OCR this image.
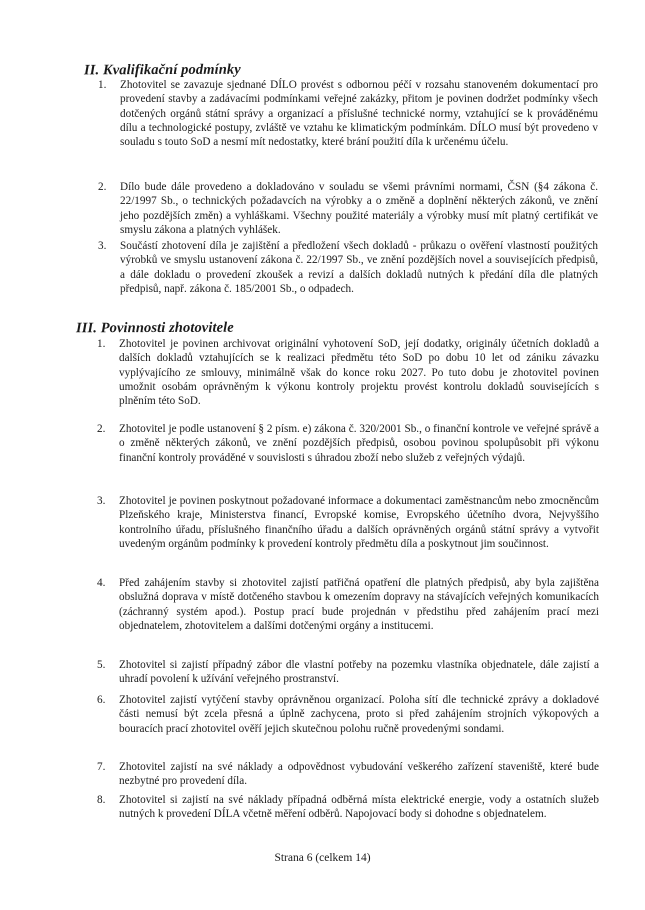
II. Kvalifikační podmínky
1. Zhotovitel se zavazuje sjednané DÍLO provést s odbornou péčí v rozsahu stanoveném dokumentací pro provedení stavby a zadávacími podmínkami veřejné zakázky, přitom je povinen dodržet podmínky všech dotčených orgánů státní správy a organizací a příslušné technické normy, vztahující se k prováděnému dílu a technologické postupy, zvláště ve vztahu ke klimatickým podmínkám. DÍLO musí být provedeno v souladu s touto SoD a nesmí mít nedostatky, které brání použití díla k určenému účelu.
2. Dílo bude dále provedeno a dokladováno v souladu se všemi právními normami, ČSN (§4 zákona č. 22/1997 Sb., o technických požadavcích na výrobky a o změně a doplnění některých zákonů, ve znění jeho pozdějších změn) a vyhláškami. Všechny použité materiály a výrobky musí mít platný certifikát ve smyslu zákona a platných vyhlášek.
3. Součástí zhotovení díla je zajištění a předložení všech dokladů - průkazu o ověření vlastností použitých výrobků ve smyslu ustanovení zákona č. 22/1997 Sb., ve znění pozdějších novel a souvisejících předpisů, a dále dokladu o provedení zkoušek a revizí a dalších dokladů nutných k předání díla dle platných předpisů, např. zákona č. 185/2001 Sb., o odpadech.
III. Povinnosti zhotovitele
1. Zhotovitel je povinen archivovat originální vyhotovení SoD, její dodatky, originály účetních dokladů a dalších dokladů vztahujících se k realizaci předmětu této SoD po dobu 10 let od zániku závazku vyplývajícího ze smlouvy, minimálně však do konce roku 2027. Po tuto dobu je zhotovitel povinen umožnit osobám oprávněným k výkonu kontroly projektu provést kontrolu dokladů souvisejících s plněním této SoD.
2. Zhotovitel je podle ustanovení § 2 písm. e) zákona č. 320/2001 Sb., o finanční kontrole ve veřejné správě a o změně některých zákonů, ve znění pozdějších předpisů, osobou povinou spolupůsobit při výkonu finanční kontroly prováděné v souvislosti s úhradou zboží nebo služeb z veřejných výdajů.
3. Zhotovitel je povinen poskytnout požadované informace a dokumentaci zaměstnancům nebo zmocněncům Plzeňského kraje, Ministerstva financí, Evropské komise, Evropského účetního dvora, Nejvyššího kontrolního úřadu, příslušného finančního úřadu a dalších oprávněných orgánů státní správy a vytvořit uvedeným orgánům podmínky k provedení kontroly předmětu díla a poskytnout jim součinnost.
4. Před zahájením stavby si zhotovitel zajistí patřičná opatření dle platných předpisů, aby byla zajištěna obslužná doprava v místě dotčeného stavbou k omezením dopravy na stávajících veřejných komunikacích (záchranný systém apod.). Postup prací bude projednán v předstihu před zahájením prací mezi objednatelem, zhotovitelem a dalšími dotčenými orgány a institucemi.
5. Zhotovitel si zajistí případný zábor dle vlastní potřeby na pozemku vlastníka objednatele, dále zajistí a uhradí povolení k užívání veřejného prostranství.
6. Zhotovitel zajistí vytýčení stavby oprávněnou organizací. Poloha sítí dle technické zprávy a dokladové části nemusí být zcela přesná a úplně zachycena, proto si před zahájením strojních výkopových a bouracích prací zhotovitel ověří jejich skutečnou polohu ručně provedenými sondami.
7. Zhotovitel zajistí na své náklady a odpovědnost vybudování veškerého zařízení staveniště, které bude nezbytné pro provedení díla.
8. Zhotovitel si zajistí na své náklady případná odběrná místa elektrické energie, vody a ostatních služeb nutných k provedení DÍLA včetně měření odběrů. Napojovací body si dohodne s objednatelem.
Strana 6 (celkem 14)
